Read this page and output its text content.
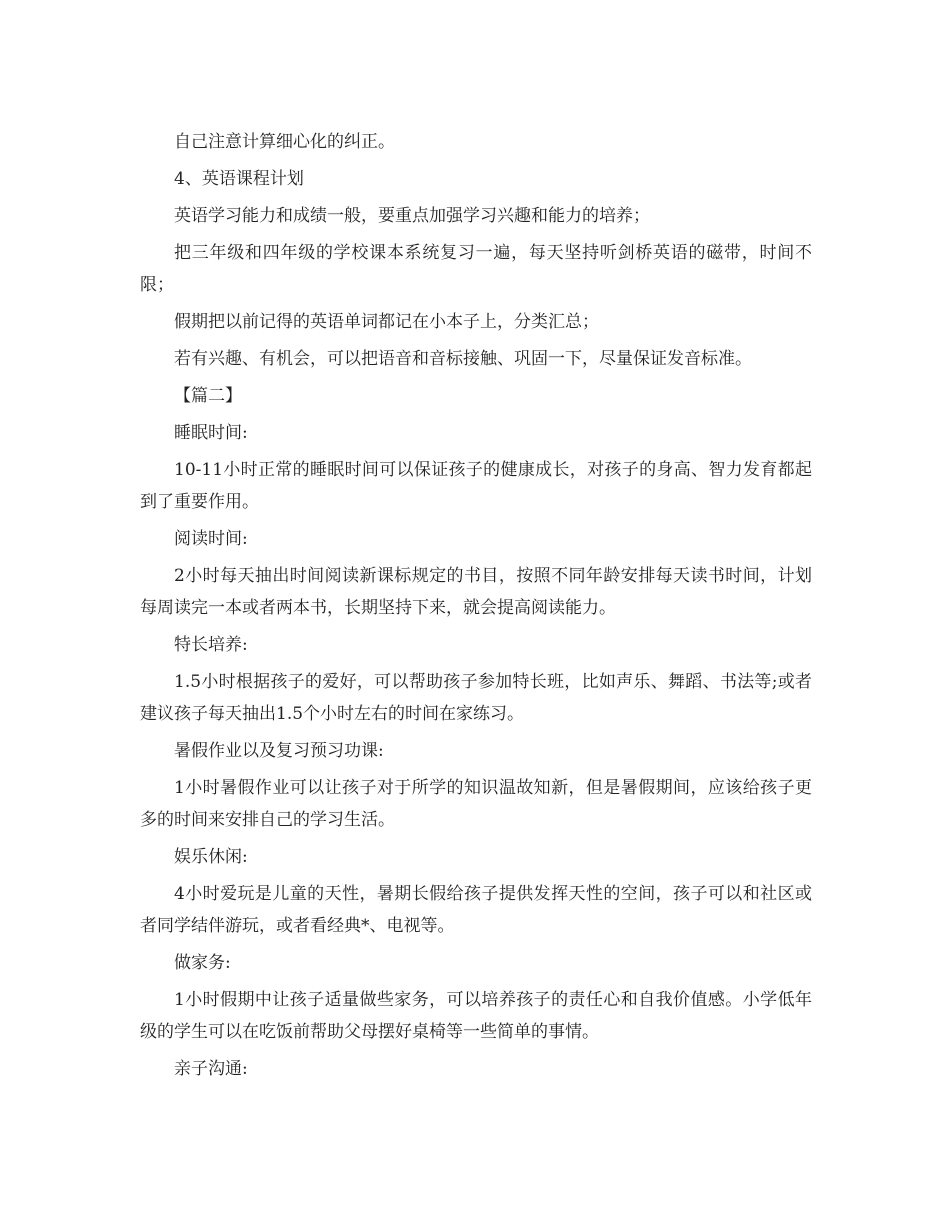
自己注意计算细心化的纠正。

4、英语课程计划

英语学习能力和成绩一般，要重点加强学习兴趣和能力的培养；

把三年级和四年级的学校课本系统复习一遍，每天坚持听剑桥英语的磁带，时间不限；

假期把以前记得的英语单词都记在小本子上，分类汇总；

若有兴趣、有机会，可以把语音和音标接触、巩固一下，尽量保证发音标准。

【篇二】

睡眠时间:

10-11小时正常的睡眠时间可以保证孩子的健康成长，对孩子的身高、智力发育都起到了重要作用。

阅读时间:

2小时每天抽出时间阅读新课标规定的书目，按照不同年龄安排每天读书时间，计划每周读完一本或者两本书，长期坚持下来，就会提高阅读能力。

特长培养:

1.5小时根据孩子的爱好，可以帮助孩子参加特长班，比如声乐、舞蹈、书法等;或者建议孩子每天抽出1.5个小时左右的时间在家练习。

暑假作业以及复习预习功课:

1小时暑假作业可以让孩子对于所学的知识温故知新，但是暑假期间，应该给孩子更多的时间来安排自己的学习生活。

娱乐休闲:

4小时爱玩是儿童的天性，暑期长假给孩子提供发挥天性的空间，孩子可以和社区或者同学结伴游玩，或者看经典*、电视等。

做家务:

1小时假期中让孩子适量做些家务，可以培养孩子的责任心和自我价值感。小学低年级的学生可以在吃饭前帮助父母摆好桌椅等一些简单的事情。

亲子沟通:
